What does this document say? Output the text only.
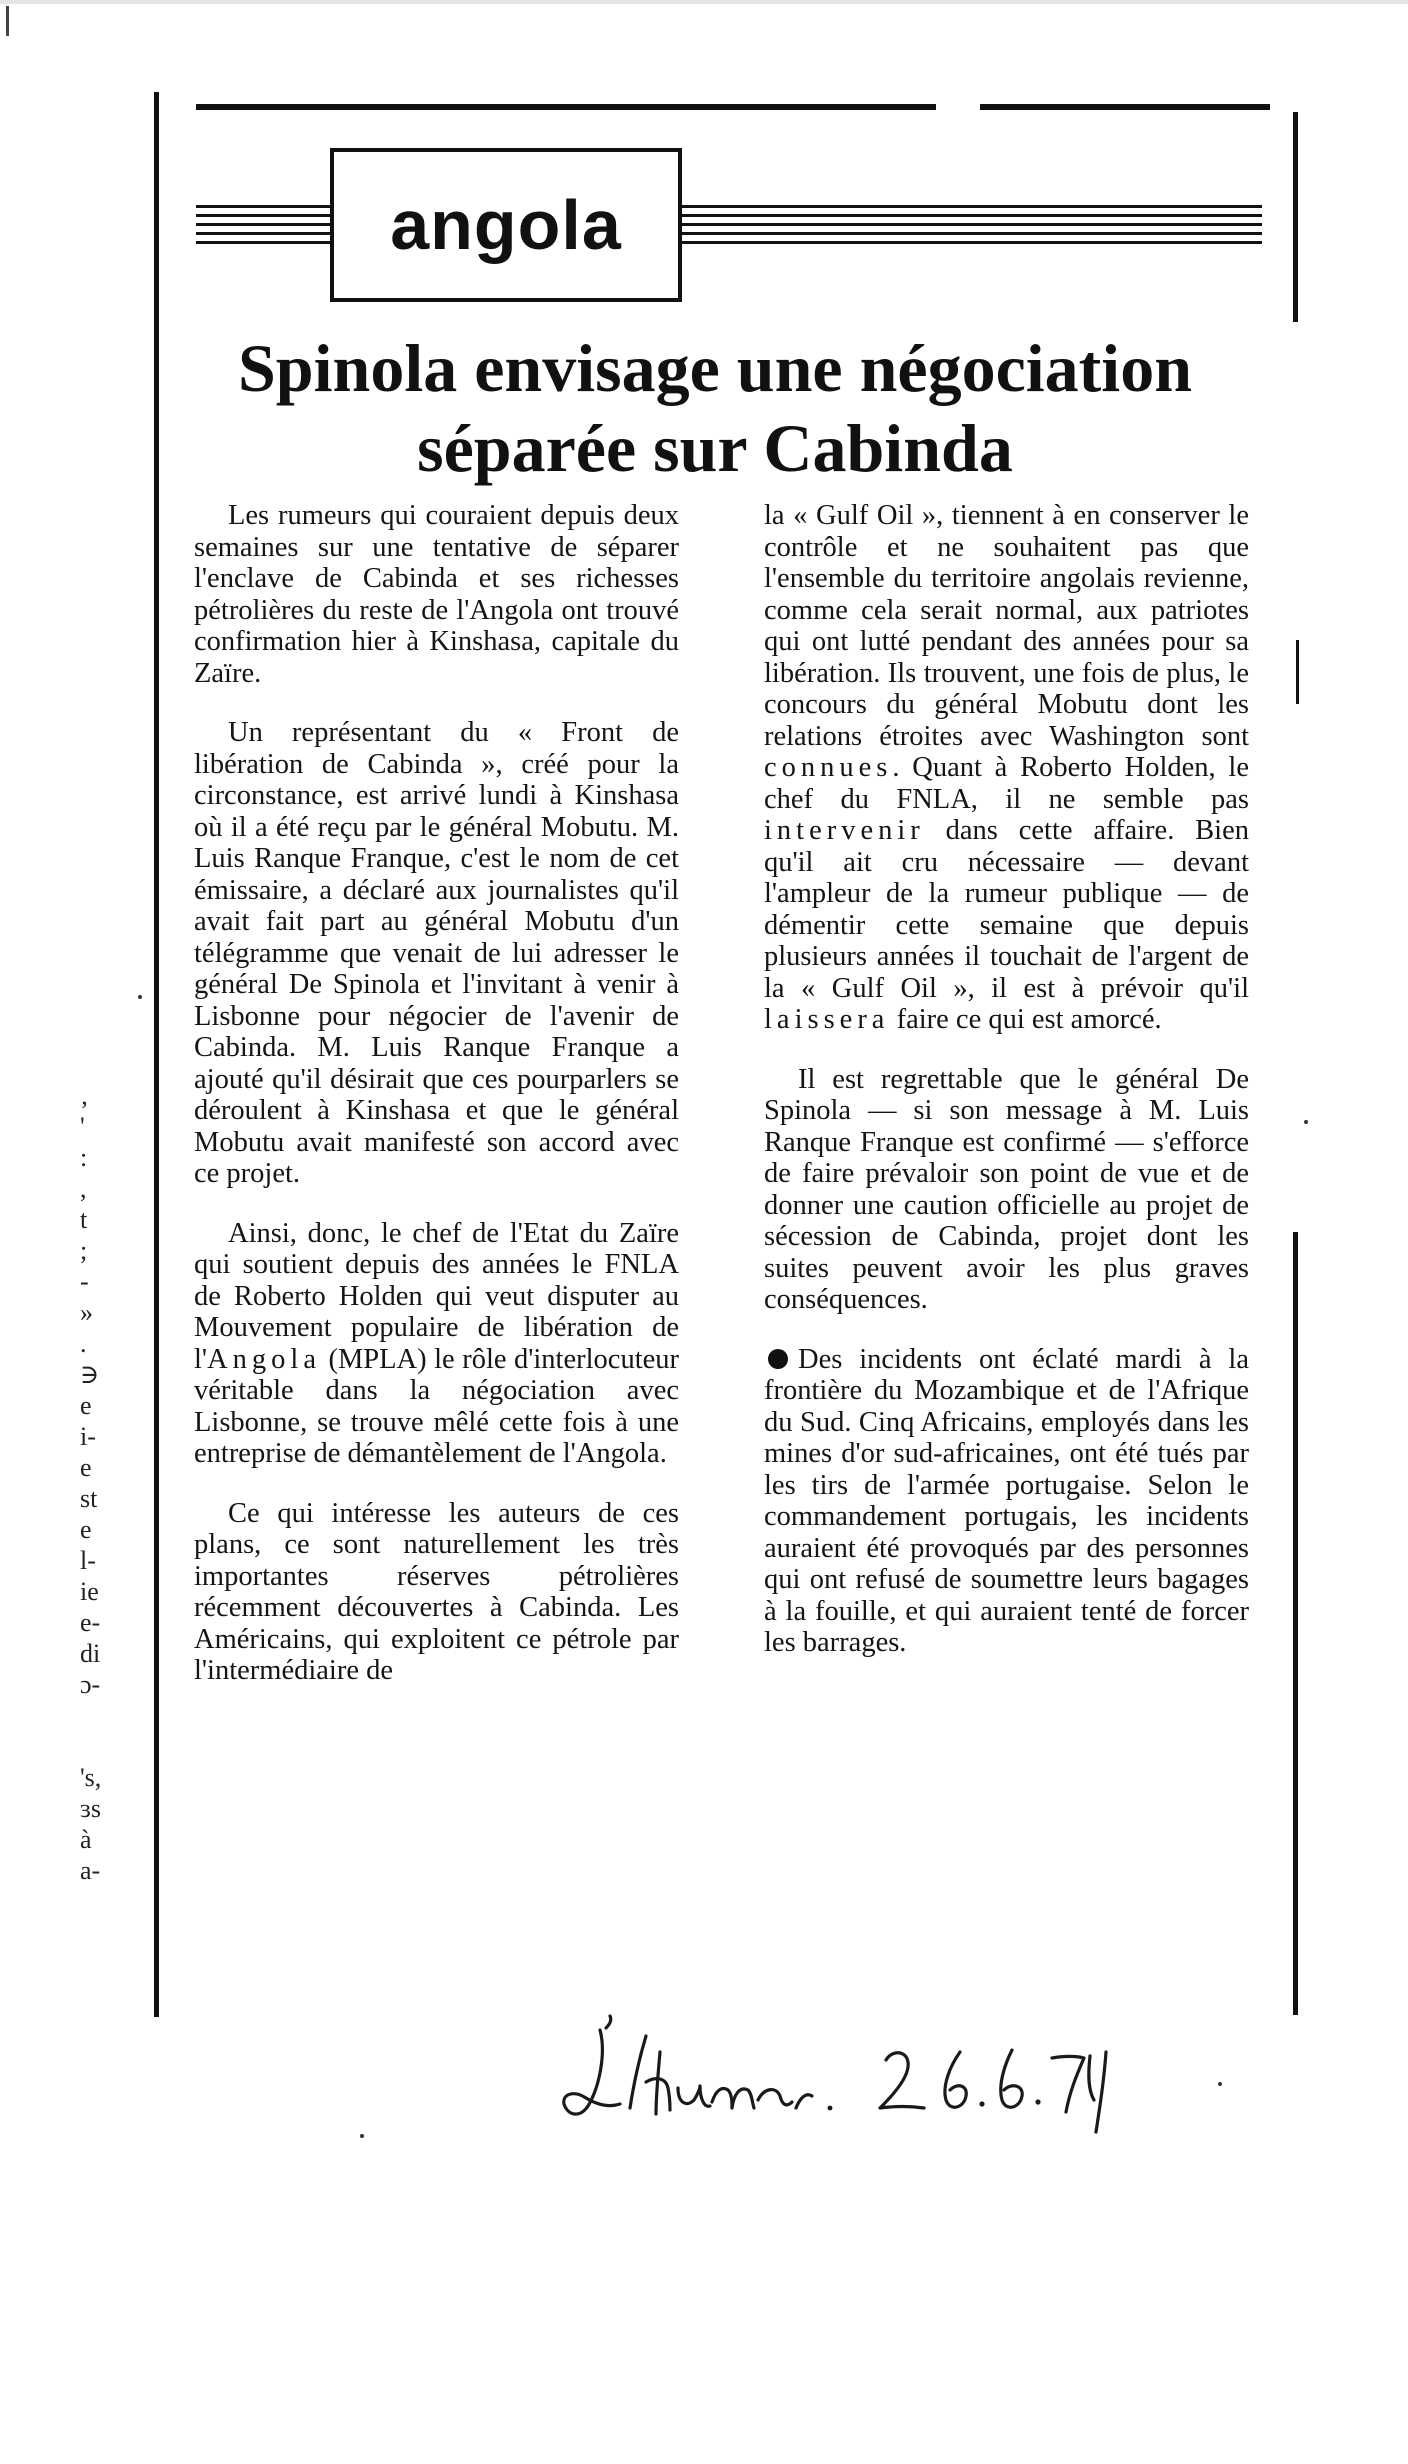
‚
'
:
,
t
;
-
»
.
∋
e
i-
e
st
e
l-
ie
e-
di
ɔ-

's,
ɜs
à
a-
angola
Spinola envisage une négociation
séparée sur Cabinda

Les rumeurs qui couraient depuis deux semaines sur une tentative de séparer l'enclave de Cabinda et ses richesses pétrolières du reste de l'Angola ont trouvé confirmation hier à Kinshasa, capitale du Zaïre.

Un représentant du « Front de libération de Cabinda », créé pour la circonstance, est arrivé lundi à Kinshasa où il a été reçu par le général Mobutu. M. Luis Ranque Franque, c'est le nom de cet émissaire, a déclaré aux journalistes qu'il avait fait part au général Mobutu d'un télégramme que venait de lui adresser le général De Spinola et l'invitant à venir à Lisbonne pour négocier de l'avenir de Cabinda. M. Luis Ranque Franque a ajouté qu'il désirait que ces pourparlers se déroulent à Kinshasa et que le général Mobutu avait manifesté son accord avec ce projet.

Ainsi, donc, le chef de l'Etat du Zaïre qui soutient depuis des années le FNLA de Roberto Holden qui veut disputer au Mouvement populaire de libération de l'Angola (MPLA) le rôle d'interlocuteur véritable dans la négociation avec Lisbonne, se trouve mêlé cette fois à une entreprise de démantèlement de l'Angola.

Ce qui intéresse les auteurs de ces plans, ce sont naturellement les très importantes réserves pétrolières récemment découvertes à Cabinda. Les Américains, qui exploitent ce pétrole par l'intermédiaire de

la « Gulf Oil », tiennent à en conserver le contrôle et ne souhaitent pas que l'ensemble du territoire angolais revienne, comme cela serait normal, aux patriotes qui ont lutté pendant des années pour sa libération. Ils trouvent, une fois de plus, le concours du général Mobutu dont les relations étroites avec Washington sont connues. Quant à Roberto Holden, le chef du FNLA, il ne semble pas intervenir dans cette affaire. Bien qu'il ait cru nécessaire — devant l'ampleur de la rumeur publique — de démentir cette semaine que depuis plusieurs années il touchait de l'argent de la « Gulf Oil », il est à prévoir qu'il laissera faire ce qui est amorcé.

Il est regrettable que le général De Spinola — si son message à M. Luis Ranque Franque est confirmé — s'efforce de faire prévaloir son point de vue et de donner une caution officielle au projet de sécession de Cabinda, projet dont les suites peuvent avoir les plus graves conséquences.

Des incidents ont éclaté mardi à la frontière du Mozambique et de l'Afrique du Sud. Cinq Africains, employés dans les mines d'or sud-africaines, ont été tués par les tirs de l'armée portugaise. Selon le commandement portugais, les incidents auraient été provoqués par des personnes qui ont refusé de soumettre leurs bagages à la fouille, et qui auraient tenté de forcer les barrages.
